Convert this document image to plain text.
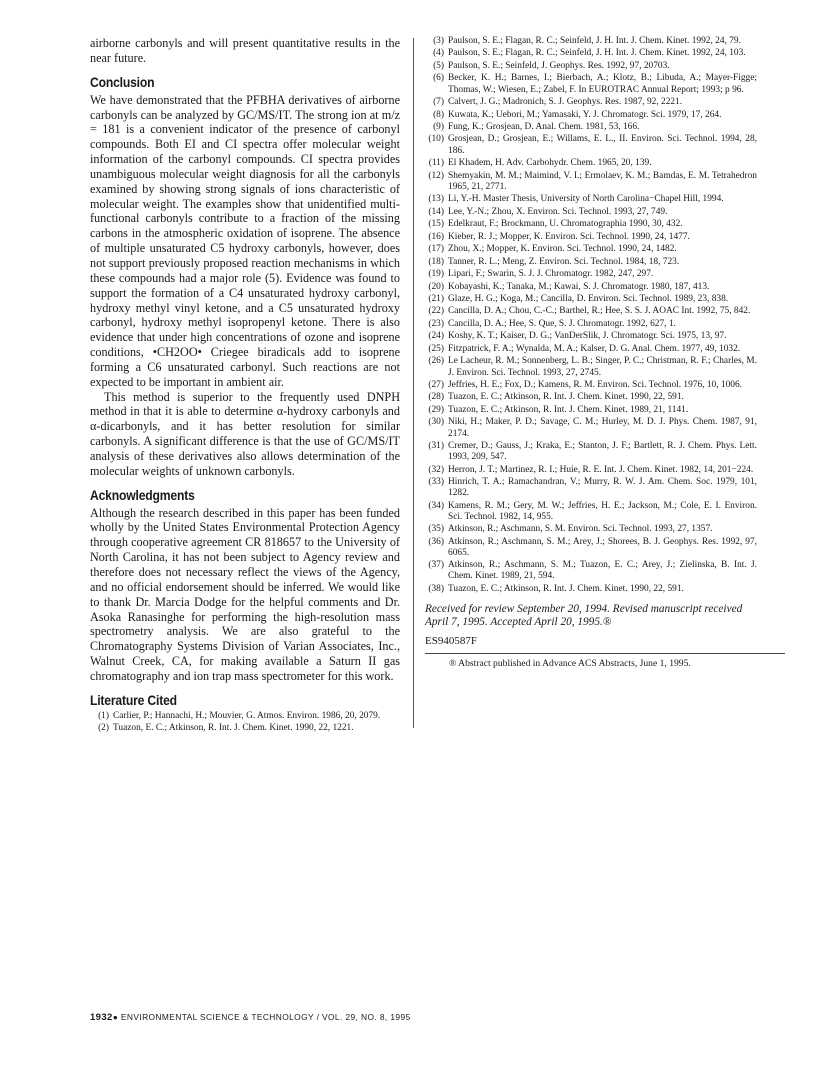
airborne carbonyls and will present quantitative results in the near future.

Conclusion

We have demonstrated that the PFBHA derivatives of airborne carbonyls can be analyzed by GC/MS/IT. The strong ion at m/z = 181 is a convenient indicator of the presence of carbonyl compounds. Both EI and CI spectra offer molecular weight information of the carbonyl compounds. CI spectra provides unambiguous molecular weight diagnosis for all the carbonyls examined by showing strong signals of ions characteristic of molecular weight. The examples show that unidentified multi-functional carbonyls contribute to a fraction of the missing carbons in the atmospheric oxidation of isoprene. The absence of multiple unsaturated C5 hydroxy carbonyls, however, does not support previously proposed reaction mechanisms in which these compounds had a major role (5). Evidence was found to support the formation of a C4 unsaturated hydroxy carbonyl, hydroxy methyl vinyl ketone, and a C5 unsaturated hydroxy carbonyl, hydroxy methyl isopropenyl ketone. There is also evidence that under high concentrations of ozone and isoprene conditions, •CH2OO• Criegee biradicals add to isoprene forming a C6 unsaturated carbonyl. Such reactions are not expected to be important in ambient air.

This method is superior to the frequently used DNPH method in that it is able to determine α-hydroxy carbonyls and α-dicarbonyls, and it has better resolution for similar carbonyls. A significant difference is that the use of GC/MS/IT analysis of these derivatives also allows determination of the molecular weights of unknown carbonyls.

Acknowledgments

Although the research described in this paper has been funded wholly by the United States Environmental Protection Agency through cooperative agreement CR 818657 to the University of North Carolina, it has not been subject to Agency review and therefore does not necessary reflect the views of the Agency, and no official endorsement should be inferred. We would like to thank Dr. Marcia Dodge for the helpful comments and Dr. Asoka Ranasinghe for performing the high-resolution mass spectrometry analysis. We are also grateful to the Chromatography Systems Division of Varian Associates, Inc., Walnut Creek, CA, for making available a Saturn II gas chromatography and ion trap mass spectrometer for this work.

Literature Cited
(1) Carlier, P.; Hannachi, H.; Mouvier, G. Atmos. Environ. 1986, 20, 2079.
(2) Tuazon, E. C.; Atkinson, R. Int. J. Chem. Kinet. 1990, 22, 1221.
(3) Paulson, S. E.; Flagan, R. C.; Seinfeld, J. H. Int. J. Chem. Kinet. 1992, 24, 79.
(4) Paulson, S. E.; Flagan, R. C.; Seinfeld, J. H. Int. J. Chem. Kinet. 1992, 24, 103.
(5) Paulson, S. E.; Seinfeld, J. Geophys. Res. 1992, 97, 20703.
(6) Becker, K. H.; Barnes, I.; Bierbach, A.; Klotz, B.; Libuda, A.; Mayer-Figge; Thomas, W.; Wiesen, E.; Zabel, F. In EUROTRAC Annual Report; 1993; p 96.
(7) Calvert, J. G.; Madronich, S. J. Geophys. Res. 1987, 92, 2221.
(8) Kuwata, K.; Uebori, M.; Yamasaki, Y. J. Chromatogr. Sci. 1979, 17, 264.
(9) Fung, K.; Grosjean, D. Anal. Chem. 1981, 53, 166.
(10) Grosjean, D.; Grosjean, E.; Willams, E. L., II. Environ. Sci. Technol. 1994, 28, 186.
(11) El Khadem, H. Adv. Carbohydr. Chem. 1965, 20, 139.
(12) Shemyakin, M. M.; Maimind, V. I.; Ermolaev, K. M.; Bamdas, E. M. Tetrahedron 1965, 21, 2771.
(13) Li, Y.-H. Master Thesis, University of North Carolina−Chapel Hill, 1994.
(14) Lee, Y.-N.; Zhou, X. Environ. Sci. Technol. 1993, 27, 749.
(15) Edelkraut, F.; Brockmann, U. Chromatographia 1990, 30, 432.
(16) Kieber, R. J.; Mopper, K. Environ. Sci. Technol. 1990, 24, 1477.
(17) Zhou, X.; Mopper, K. Environ. Sci. Technol. 1990, 24, 1482.
(18) Tanner, R. L.; Meng, Z. Environ. Sci. Technol. 1984, 18, 723.
(19) Lipari, F.; Swarin, S. J. J. Chromatogr. 1982, 247, 297.
(20) Kobayashi, K.; Tanaka, M.; Kawai, S. J. Chromatogr. 1980, 187, 413.
(21) Glaze, H. G.; Koga, M.; Cancilla, D. Environ. Sci. Technol. 1989, 23, 838.
(22) Cancilla, D. A.; Chou, C.-C.; Barthel, R.; Hee, S. S. J. AOAC Int. 1992, 75, 842.
(23) Cancilla, D. A.; Hee, S. Que, S. J. Chromatogr. 1992, 627, 1.
(24) Koshy, K. T.; Kaiser, D. G.; VanDerSlik, J. Chromatogr. Sci. 1975, 13, 97.
(25) Fitzpatrick, F. A.; Wynalda, M. A.; Kalser, D. G. Anal. Chem. 1977, 49, 1032.
(26) Le Lacheur, R. M.; Sonnenberg, L. B.; Singer, P. C.; Christman, R. F.; Charles, M. J. Environ. Sci. Technol. 1993, 27, 2745.
(27) Jeffries, H. E.; Fox, D.; Kamens, R. M. Environ. Sci. Technol. 1976, 10, 1006.
(28) Tuazon, E. C.; Atkinson, R. Int. J. Chem. Kinet. 1990, 22, 591.
(29) Tuazon, E. C.; Atkinson, R. Int. J. Chem. Kinet. 1989, 21, 1141.
(30) Niki, H.; Maker, P. D.; Savage, C. M.; Hurley, M. D. J. Phys. Chem. 1987, 91, 2174.
(31) Cremer, D.; Gauss, J.; Kraka, E.; Stanton, J. F.; Bartlett, R. J. Chem. Phys. Lett. 1993, 209, 547.
(32) Herron, J. T.; Martinez, R. I.; Huie, R. E. Int. J. Chem. Kinet. 1982, 14, 201−224.
(33) Hinrich, T. A.; Ramachandran, V.; Murry, R. W. J. Am. Chem. Soc. 1979, 101, 1282.
(34) Kamens, R. M.; Gery, M. W.; Jeffries, H. E.; Jackson, M.; Cole, E. I. Environ. Sci. Technol. 1982, 14, 955.
(35) Atkinson, R.; Aschmann, S. M. Environ. Sci. Technol. 1993, 27, 1357.
(36) Atkinson, R.; Aschmann, S. M.; Arey, J.; Shorees, B. J. Geophys. Res. 1992, 97, 6065.
(37) Atkinson, R.; Aschmann, S. M.; Tuazon, E. C.; Arey, J.; Zielinska, B. Int. J. Chem. Kinet. 1989, 21, 594.
(38) Tuazon, E. C.; Atkinson, R. Int. J. Chem. Kinet. 1990, 22, 591.
Received for review September 20, 1994. Revised manuscript received April 7, 1995. Accepted April 20, 1995.®
ES940587F
® Abstract published in Advance ACS Abstracts, June 1, 1995.
1932● ENVIRONMENTAL SCIENCE & TECHNOLOGY / VOL. 29, NO. 8, 1995
